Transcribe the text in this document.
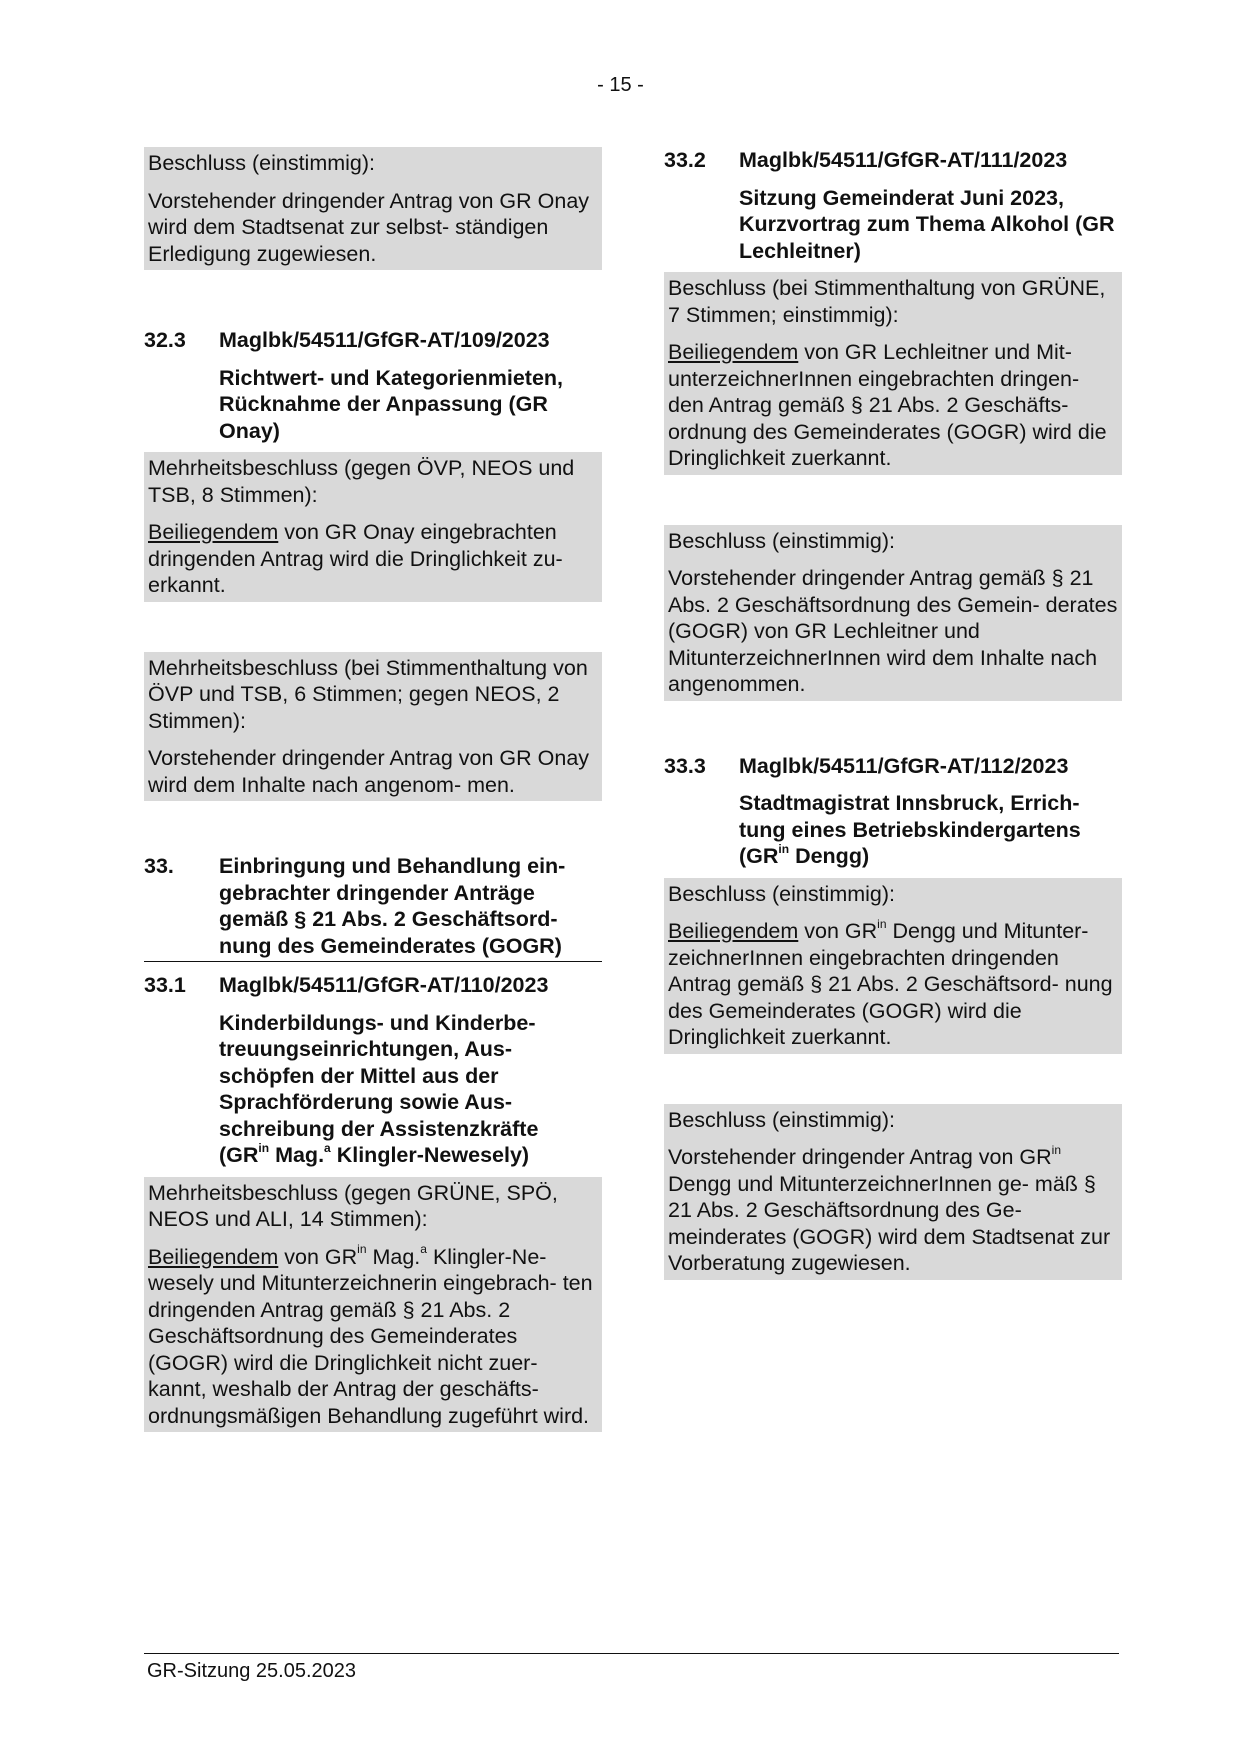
- 15 -

Beschluss (einstimmig):

Vorstehender dringender Antrag von GR Onay wird dem Stadtsenat zur selbst- ständigen Erledigung zugewiesen.

32.3	Maglbk/54511/GfGR-AT/109/2023
Richtwert- und Kategorienmieten, Rücknahme der Anpassung (GR Onay)

Mehrheitsbeschluss (gegen ÖVP, NEOS und TSB, 8 Stimmen):

Beiliegendem von GR Onay eingebrachten dringenden Antrag wird die Dringlichkeit zu- erkannt.

Mehrheitsbeschluss (bei Stimmenthaltung von ÖVP und TSB, 6 Stimmen; gegen NEOS, 2 Stimmen):

Vorstehender dringender Antrag von GR Onay wird dem Inhalte nach angenom- men.

33.	Einbringung und Behandlung ein- gebrachter dringender Anträge gemäß § 21 Abs. 2 Geschäftsord- nung des Gemeinderates (GOGR)
33.1	Maglbk/54511/GfGR-AT/110/2023
Kinderbildungs- und Kinderbe- treuungseinrichtungen, Aus- schöpfen der Mittel aus der Sprachförderung sowie Aus- schreibung der Assistenzkräfte
($GR^{in}$ Mag.$^a$ Klingler-Newesely)

Mehrheitsbeschluss (gegen GRÜNE, SPÖ, NEOS und ALI, 14 Stimmen):

Beiliegendem von $GR^{in}$ Mag.$^a$ Klingler-Ne- wesely und Mitunterzeichnerin eingebrach- ten dringenden Antrag gemäß § 21 Abs. 2 Geschäftsordnung des Gemeinderates (GOGR) wird die Dringlichkeit nicht zuer- kannt, weshalb der Antrag der geschäfts- ordnungsmäßigen Behandlung zugeführt wird.

33.2	Maglbk/54511/GfGR-AT/111/2023
Sitzung Gemeinderat Juni 2023, Kurzvortrag zum Thema Alkohol (GR Lechleitner)

Beschluss (bei Stimmenthaltung von GRÜNE, 7 Stimmen; einstimmig):

Beiliegendem von GR Lechleitner und Mit- unterzeichnerInnen eingebrachten dringen- den Antrag gemäß § 21 Abs. 2 Geschäfts- ordnung des Gemeinderates (GOGR) wird die Dringlichkeit zuerkannt.

Beschluss (einstimmig):

Vorstehender dringender Antrag gemäß § 21 Abs. 2 Geschäftsordnung des Gemein- derates (GOGR) von GR Lechleitner und MitunterzeichnerInnen wird dem Inhalte nach angenommen.

33.3	Maglbk/54511/GfGR-AT/112/2023
Stadtmagistrat Innsbruck, Errich- tung eines Betriebskindergartens
($GR^{in}$ Dengg)

Beschluss (einstimmig):

Beiliegendem von $GR^{in}$ Dengg und Mitunter- zeichnerInnen eingebrachten dringenden Antrag gemäß § 21 Abs. 2 Geschäftsord- nung des Gemeinderates (GOGR) wird die Dringlichkeit zuerkannt.

Beschluss (einstimmig):

Vorstehender dringender Antrag von $GR^{in}$ Dengg und MitunterzeichnerInnen ge- mäß § 21 Abs. 2 Geschäftsordnung des Ge- meinderates (GOGR) wird dem Stadtsenat zur Vorberatung zugewiesen.

GR-Sitzung 25.05.2023
